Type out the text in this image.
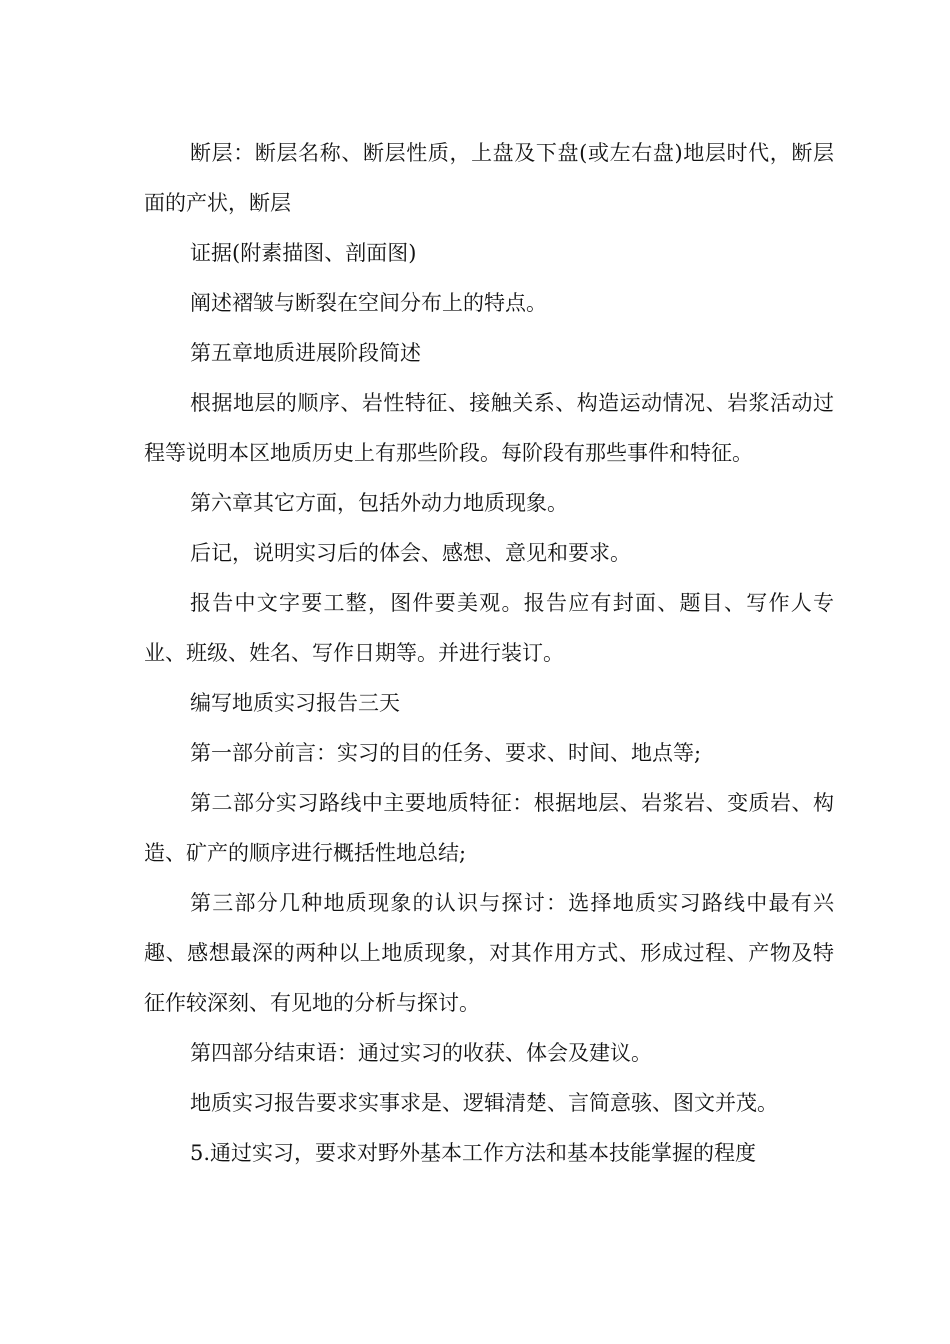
断层：断层名称、断层性质，上盘及下盘(或左右盘)地层时代，断层面的产状，断层

证据(附素描图、剖面图)

阐述褶皱与断裂在空间分布上的特点。

第五章地质进展阶段简述

根据地层的顺序、岩性特征、接触关系、构造运动情况、岩浆活动过程等说明本区地质历史上有那些阶段。每阶段有那些事件和特征。

第六章其它方面，包括外动力地质现象。

后记，说明实习后的体会、感想、意见和要求。

报告中文字要工整，图件要美观。报告应有封面、题目、写作人专业、班级、姓名、写作日期等。并进行装订。

编写地质实习报告三天

第一部分前言：实习的目的任务、要求、时间、地点等;

第二部分实习路线中主要地质特征：根据地层、岩浆岩、变质岩、构造、矿产的顺序进行概括性地总结;

第三部分几种地质现象的认识与探讨：选择地质实习路线中最有兴趣、感想最深的两种以上地质现象，对其作用方式、形成过程、产物及特征作较深刻、有见地的分析与探讨。

第四部分结束语：通过实习的收获、体会及建议。

地质实习报告要求实事求是、逻辑清楚、言简意骇、图文并茂。

5.通过实习，要求对野外基本工作方法和基本技能掌握的程度
